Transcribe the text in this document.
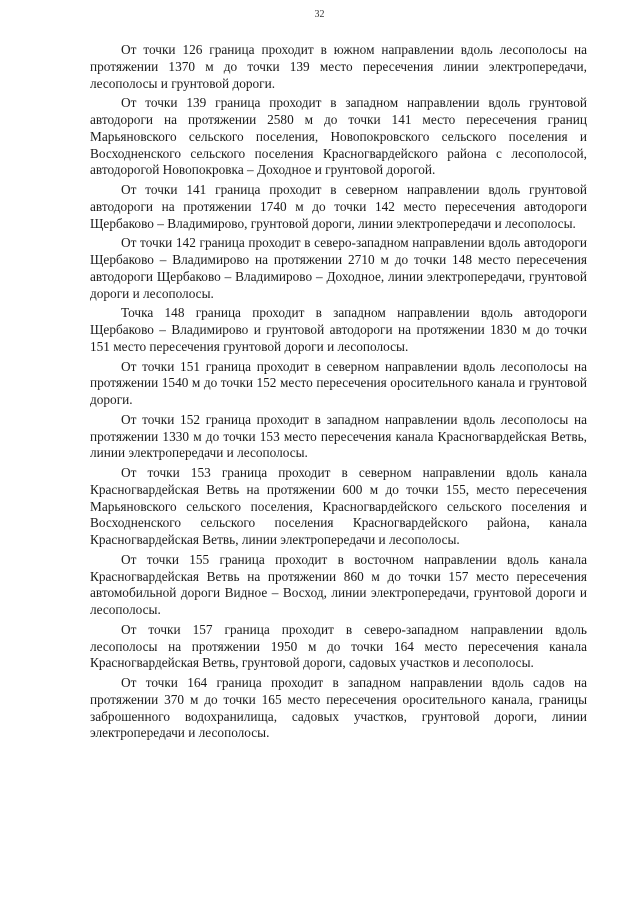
32

От точки 126 граница проходит в южном направлении вдоль лесополосы на протяжении 1370 м до точки 139 место пересечения линии электропередачи, лесополосы и грунтовой дороги.

От точки 139 граница проходит в западном направлении вдоль грунтовой автодороги на протяжении 2580 м до точки 141 место пересечения границ Марьяновского сельского поселения, Новопокровского сельского поселения и Восходненского сельского поселения Красногвардейского района с лесополосой, автодорогой Новопокровка – Доходное и грунтовой дорогой.

От точки 141 граница проходит в северном направлении вдоль грунтовой автодороги на протяжении 1740 м до точки 142 место пересечения автодороги Щербаково – Владимирово, грунтовой дороги, линии электропередачи и лесополосы.

От точки 142 граница проходит в северо-западном направлении вдоль автодороги Щербаково – Владимирово на протяжении 2710 м до точки 148 место пересечения автодороги Щербаково – Владимирово – Доходное, линии электропередачи, грунтовой дороги и лесополосы.

Точка 148 граница проходит в западном направлении вдоль автодороги Щербаково – Владимирово и грунтовой автодороги на протяжении 1830 м до точки 151 место пересечения грунтовой дороги и лесополосы.

От точки 151 граница проходит в северном направлении вдоль лесополосы на протяжении 1540 м до точки 152 место пересечения оросительного канала и грунтовой дороги.

От точки 152 граница проходит в западном направлении вдоль лесополосы на протяжении 1330 м до точки 153 место пересечения канала Красногвардейская Ветвь, линии электропередачи и лесополосы.

От точки 153 граница проходит в северном направлении вдоль канала Красногвардейская Ветвь на протяжении 600 м до точки 155, место пересечения Марьяновского сельского поселения, Красногвардейского сельского поселения и Восходненского сельского поселения Красногвардейского района, канала Красногвардейская Ветвь, линии электропередачи и лесополосы.

От точки 155 граница проходит в восточном направлении вдоль канала Красногвардейская Ветвь на протяжении 860 м до точки 157 место пересечения автомобильной дороги Видное – Восход, линии электропередачи, грунтовой дороги и лесополосы.

От точки 157 граница проходит в северо-западном направлении вдоль лесополосы на протяжении 1950 м до точки 164 место пересечения канала Красногвардейская Ветвь, грунтовой дороги, садовых участков и лесополосы.

От точки 164 граница проходит в западном направлении вдоль садов на протяжении 370 м до точки 165 место пересечения оросительного канала, границы заброшенного водохранилища, садовых участков, грунтовой дороги, линии электропередачи и лесополосы.
